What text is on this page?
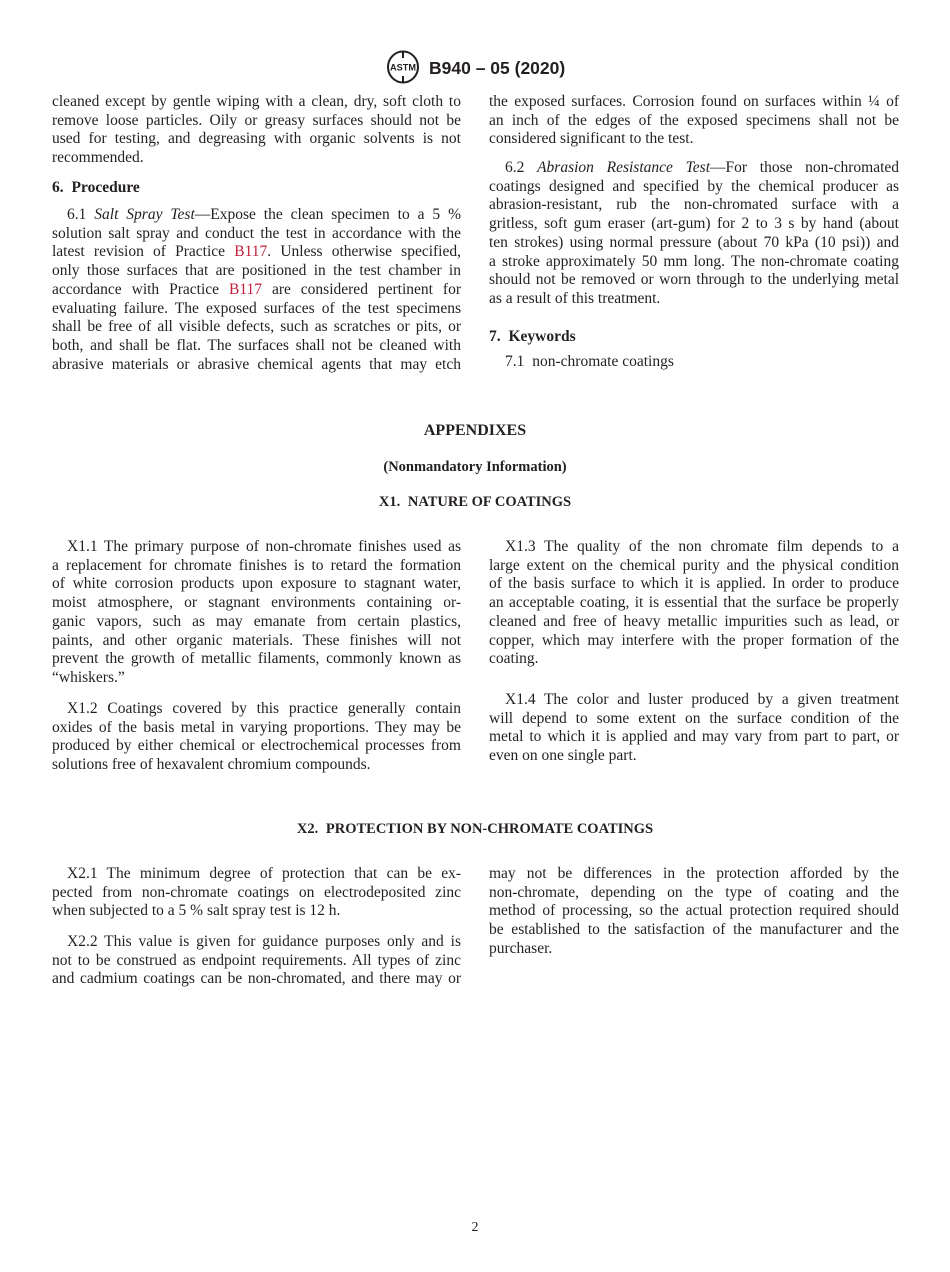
ASTM B940 – 05 (2020)
cleaned except by gentle wiping with a clean, dry, soft cloth to
remove loose particles. Oily or greasy surfaces should not be
used for testing, and degreasing with organic solvents is not
recommended.
6. Procedure
6.1 Salt Spray Test—Expose the clean specimen to a 5 %
solution salt spray and conduct the test in accordance with the
latest revision of Practice B117. Unless otherwise specified,
only those surfaces that are positioned in the test chamber in
accordance with Practice B117 are considered pertinent for
evaluating failure. The exposed surfaces of the test specimens
shall be free of all visible defects, such as scratches or pits, or
both, and shall be flat. The surfaces shall not be cleaned with
abrasive materials or abrasive chemical agents that may etch
the exposed surfaces. Corrosion found on surfaces within ¼ of
an inch of the edges of the exposed specimens shall not be
considered significant to the test.
6.2 Abrasion Resistance Test—For those non-chromated
coatings designed and specified by the chemical producer as
abrasion-resistant, rub the non-chromated surface with a
gritless, soft gum eraser (art-gum) for 2 to 3 s by hand (about
ten strokes) using normal pressure (about 70 kPa (10 psi)) and
a stroke approximately 50 mm long. The non-chromate coating
should not be removed or worn through to the underlying metal
as a result of this treatment.
7. Keywords
7.1 non-chromate coatings
APPENDIXES
(Nonmandatory Information)
X1. NATURE OF COATINGS
X1.1 The primary purpose of non-chromate finishes used as
a replacement for chromate finishes is to retard the formation
of white corrosion products upon exposure to stagnant water,
moist atmosphere, or stagnant environments containing or-
ganic vapors, such as may emanate from certain plastics,
paints, and other organic materials. These finishes will not
prevent the growth of metallic filaments, commonly known as
“whiskers.”
X1.2 Coatings covered by this practice generally contain
oxides of the basis metal in varying proportions. They may be
produced by either chemical or electrochemical processes from
solutions free of hexavalent chromium compounds.
X1.3 The quality of the non chromate film depends to a
large extent on the chemical purity and the physical condition
of the basis surface to which it is applied. In order to produce
an acceptable coating, it is essential that the surface be properly
cleaned and free of heavy metallic impurities such as lead, or
copper, which may interfere with the proper formation of the
coating.
X1.4 The color and luster produced by a given treatment
will depend to some extent on the surface condition of the
metal to which it is applied and may vary from part to part, or
even on one single part.
X2. PROTECTION BY NON-CHROMATE COATINGS
X2.1 The minimum degree of protection that can be ex-
pected from non-chromate coatings on electrodeposited zinc
when subjected to a 5 % salt spray test is 12 h.
X2.2 This value is given for guidance purposes only and is
not to be construed as endpoint requirements. All types of zinc
and cadmium coatings can be non-chromated, and there may or
may not be differences in the protection afforded by the
non-chromate, depending on the type of coating and the
method of processing, so the actual protection required should
be established to the satisfaction of the manufacturer and the
purchaser.
2
